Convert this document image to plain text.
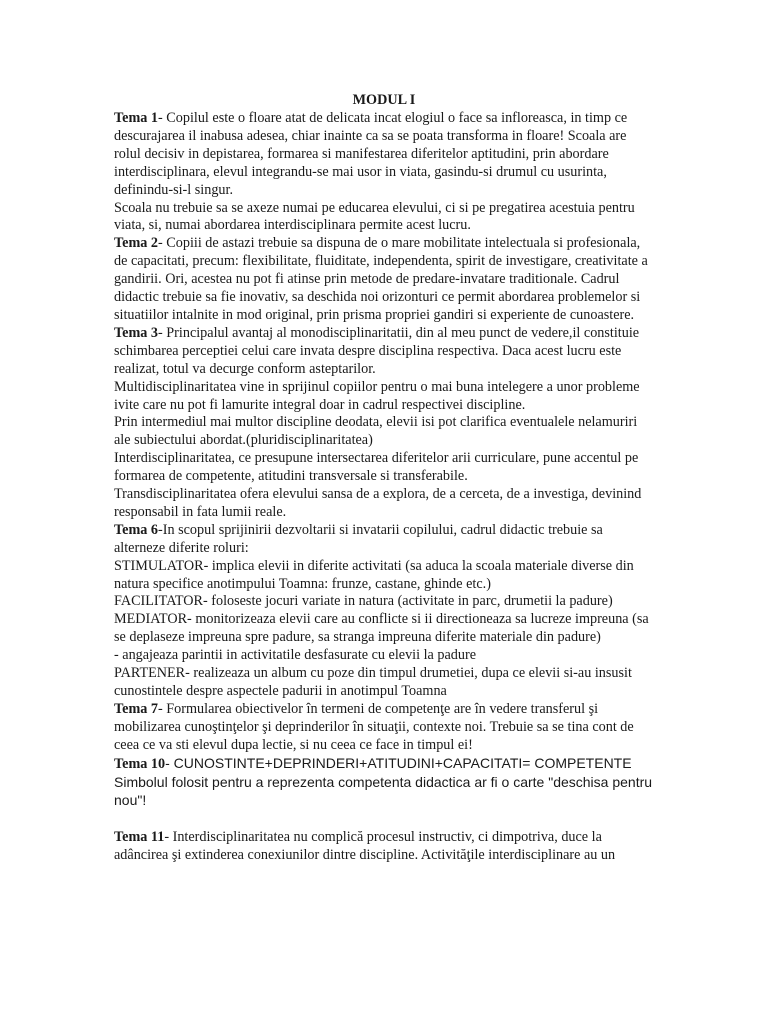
MODUL I

Tema 1- Copilul este o floare atat de delicata incat elogiul o face sa infloreasca, in timp ce descurajarea il inabusa adesea, chiar inainte ca sa se poata transforma in floare! Scoala are rolul decisiv in depistarea, formarea si manifestarea diferitelor aptitudini, prin abordare interdisciplinara, elevul integrandu-se mai usor in viata, gasindu-si drumul cu usurinta, definindu-si-l singur.

Scoala nu trebuie sa se axeze numai pe educarea elevului, ci si pe pregatirea acestuia pentru viata, si, numai abordarea interdisciplinara permite acest lucru.

Tema 2- Copiii de astazi trebuie sa dispuna de o mare mobilitate intelectuala si profesionala, de capacitati, precum: flexibilitate, fluiditate, independenta, spirit de investigare, creativitate a gandirii. Ori, acestea nu pot fi atinse prin metode de predare-invatare traditionale. Cadrul didactic trebuie sa fie inovativ, sa deschida noi orizonturi ce permit abordarea problemelor si situatiilor intalnite in mod original, prin prisma propriei gandiri si experiente de cunoastere.

Tema 3- Principalul avantaj al monodisciplinaritatii, din al meu punct de vedere,il constituie schimbarea perceptiei celui care invata despre disciplina respectiva. Daca acest lucru este realizat, totul va decurge conform asteptarilor.

Multidisciplinaritatea vine in sprijinul copiilor pentru o mai buna intelegere a unor probleme ivite care nu pot fi lamurite integral doar in cadrul respectivei discipline.

Prin intermediul mai multor discipline deodata, elevii isi pot clarifica eventualele nelamuriri ale subiectului abordat.(pluridisciplinaritatea)

Interdisciplinaritatea, ce presupune intersectarea diferitelor arii curriculare, pune accentul pe formarea de competente, atitudini transversale si transferabile.

Transdisciplinaritatea ofera elevului sansa de a explora, de a cerceta, de a investiga, devinind responsabil in fata lumii reale.

Tema 6-In scopul sprijinirii dezvoltarii si invatarii copilului, cadrul didactic trebuie sa alterneze diferite roluri:

STIMULATOR- implica elevii in diferite activitati (sa aduca la scoala materiale diverse din natura specifice anotimpului Toamna: frunze, castane, ghinde etc.)

FACILITATOR- foloseste jocuri variate in natura (activitate in parc, drumetii la padure)

MEDIATOR- monitorizeaza elevii care au conflicte si ii directioneaza sa lucreze impreuna (sa se deplaseze impreuna spre padure, sa stranga impreuna diferite materiale din padure)

- angajeaza parintii in activitatile desfasurate cu elevii la padure

PARTENER- realizeaza un album cu poze din timpul drumetiei, dupa ce elevii si-au insusit cunostintele despre aspectele padurii in anotimpul Toamna

Tema 7- Formularea obiectivelor în termeni de competenţe are în vedere transferul şi mobilizarea cunoştinţelor şi deprinderilor în situaţii, contexte noi. Trebuie sa se tina cont de ceea ce va sti elevul dupa lectie, si nu ceea ce face in timpul ei!

Tema 10- CUNOSTINTE+DEPRINDERI+ATITUDINI+CAPACITATI= COMPETENTE

Simbolul folosit pentru a reprezenta competenta didactica ar fi o carte "deschisa pentru nou"!

Tema 11- Interdisciplinaritatea nu complică procesul instructiv, ci dimpotriva, duce la adâncirea şi extinderea conexiunilor dintre discipline. Activităţile interdisciplinare au un
